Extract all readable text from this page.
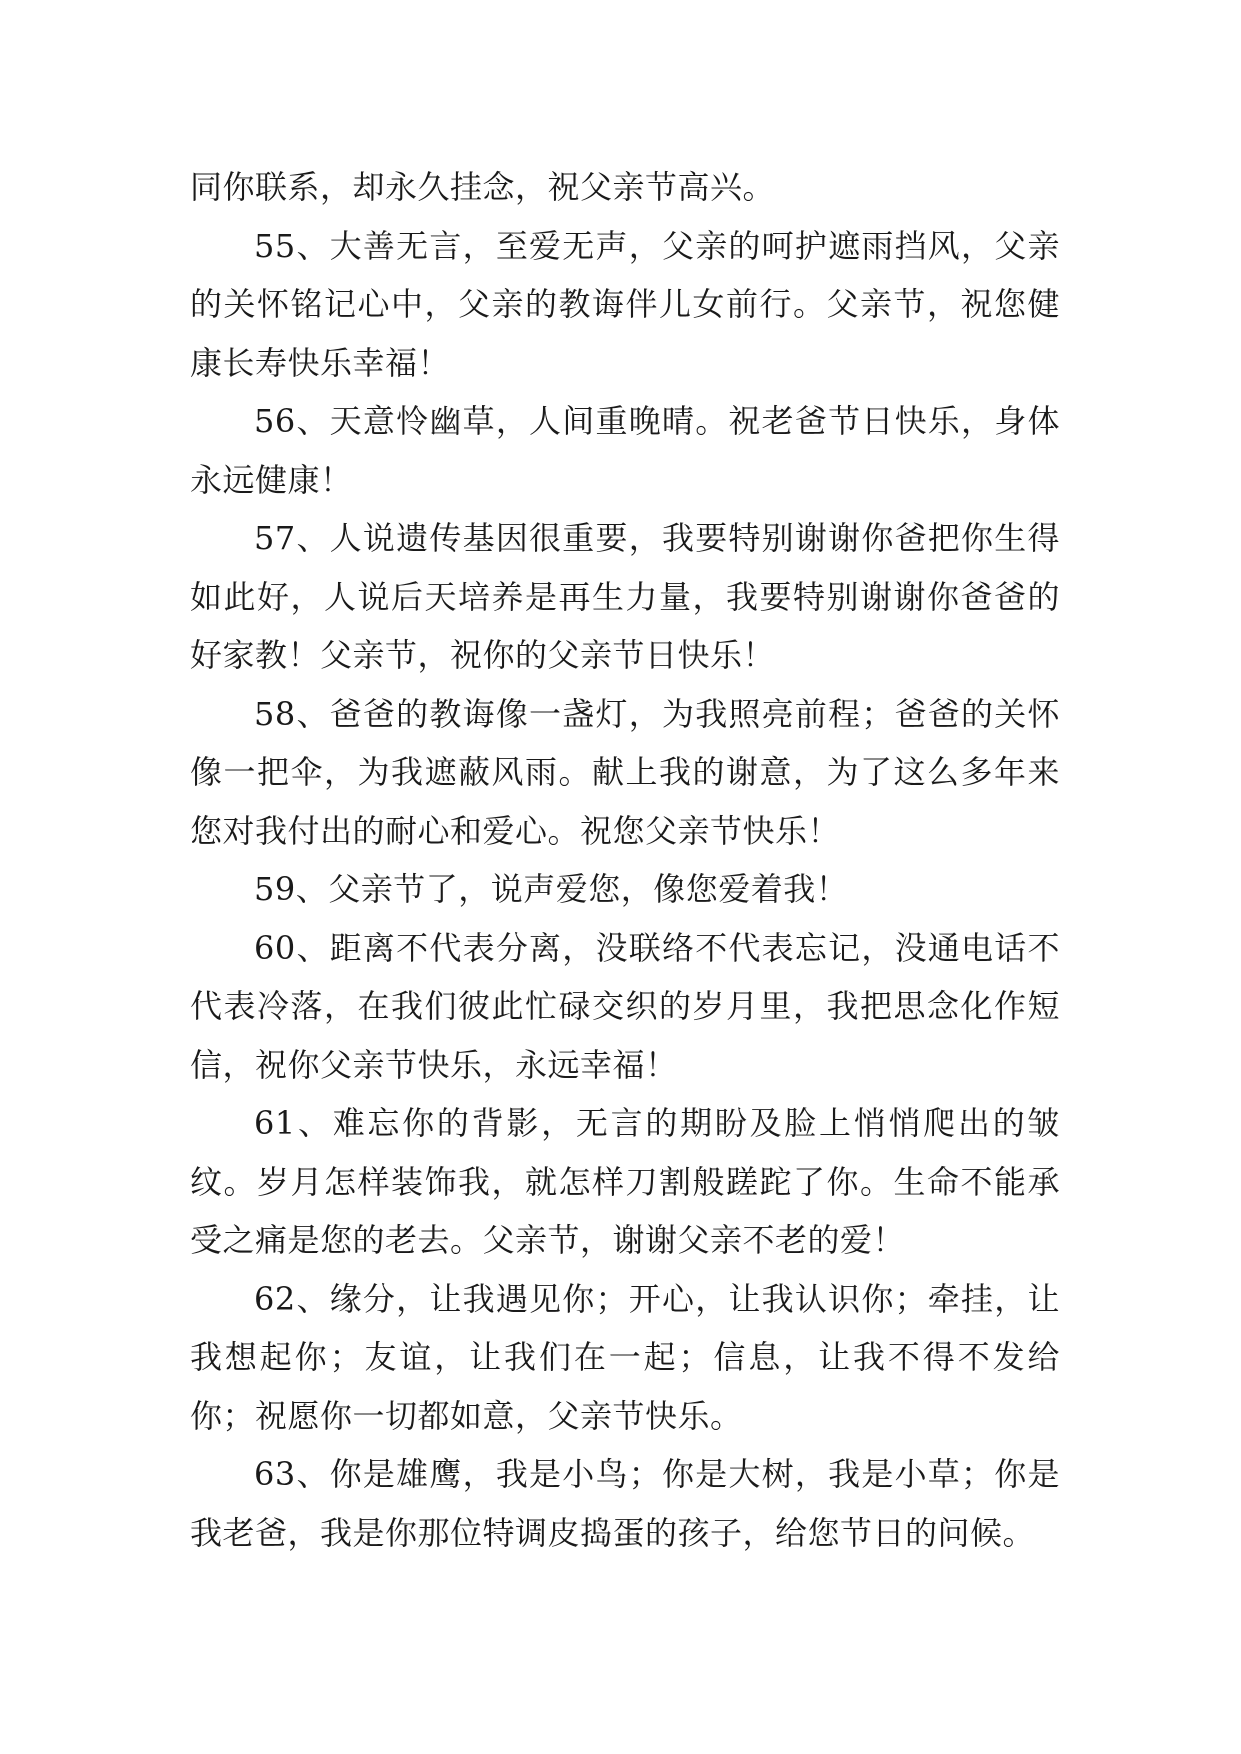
同你联系，却永久挂念，祝父亲节高兴。

55、大善无言，至爱无声，父亲的呵护遮雨挡风，父亲的关怀铭记心中，父亲的教诲伴儿女前行。父亲节，祝您健康长寿快乐幸福！

56、天意怜幽草，人间重晚晴。祝老爸节日快乐，身体永远健康！

57、人说遗传基因很重要，我要特别谢谢你爸把你生得如此好，人说后天培养是再生力量，我要特别谢谢你爸爸的好家教！父亲节，祝你的父亲节日快乐！

58、爸爸的教诲像一盏灯，为我照亮前程；爸爸的关怀像一把伞，为我遮蔽风雨。献上我的谢意，为了这么多年来您对我付出的耐心和爱心。祝您父亲节快乐！

59、父亲节了，说声爱您，像您爱着我！

60、距离不代表分离，没联络不代表忘记，没通电话不代表冷落，在我们彼此忙碌交织的岁月里，我把思念化作短信，祝你父亲节快乐，永远幸福！

61、难忘你的背影，无言的期盼及脸上悄悄爬出的皱纹。岁月怎样装饰我，就怎样刀割般蹉跎了你。生命不能承受之痛是您的老去。父亲节，谢谢父亲不老的爱！

62、缘分，让我遇见你；开心，让我认识你；牵挂，让我想起你；友谊，让我们在一起；信息，让我不得不发给你；祝愿你一切都如意，父亲节快乐。

63、你是雄鹰，我是小鸟；你是大树，我是小草；你是我老爸，我是你那位特调皮捣蛋的孩子，给您节日的问候。
